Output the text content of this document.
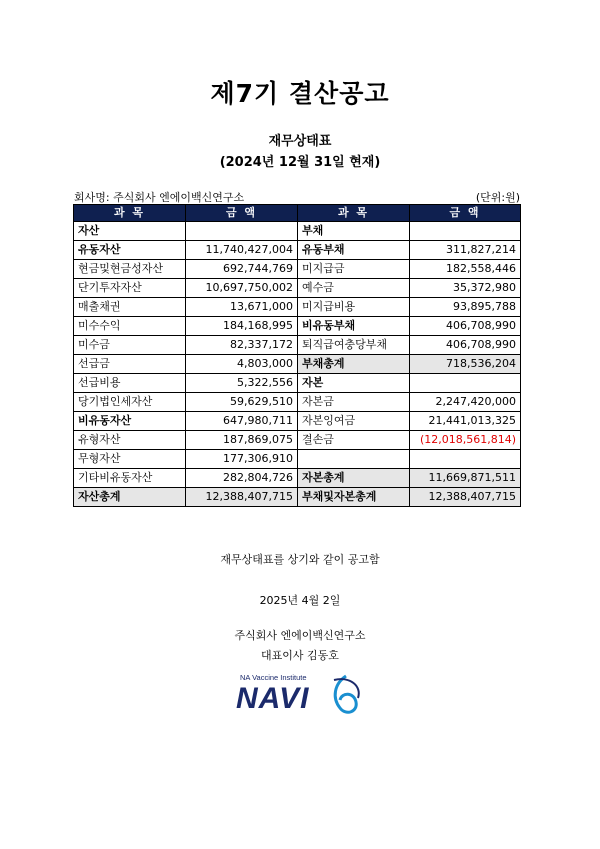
제7기 결산공고
재무상태표
(2024년 12월 31일 현재)
회사명: 주식회사 엔에이백신연구소	(단위:원)
과 목	금 액	과 목	금 액
자산		부채	
유동자산	11,740,427,004	유동부채	311,827,214
현금및현금성자산	692,744,769	미지급금	182,558,446
단기투자자산	10,697,750,002	예수금	35,372,980
매출채권	13,671,000	미지급비용	93,895,788
미수수익	184,168,995	비유동부채	406,708,990
미수금	82,337,172	퇴직급여충당부채	406,708,990
선급금	4,803,000	부채총계	718,536,204
선급비용	5,322,556	자본	
당기법인세자산	59,629,510	자본금	2,247,420,000
비유동자산	647,980,711	자본잉여금	21,441,013,325
유형자산	187,869,075	결손금	(12,018,561,814)
무형자산	177,306,910		
기타비유동자산	282,804,726	자본총계	11,669,871,511
자산총계	12,388,407,715	부채및자본총계	12,388,407,715
재무상태표를 상기와 같이 공고함
2025년 4월 2일
주식회사 엔에이백신연구소
대표이사 김동호
NA Vaccine Institute
NAVI
